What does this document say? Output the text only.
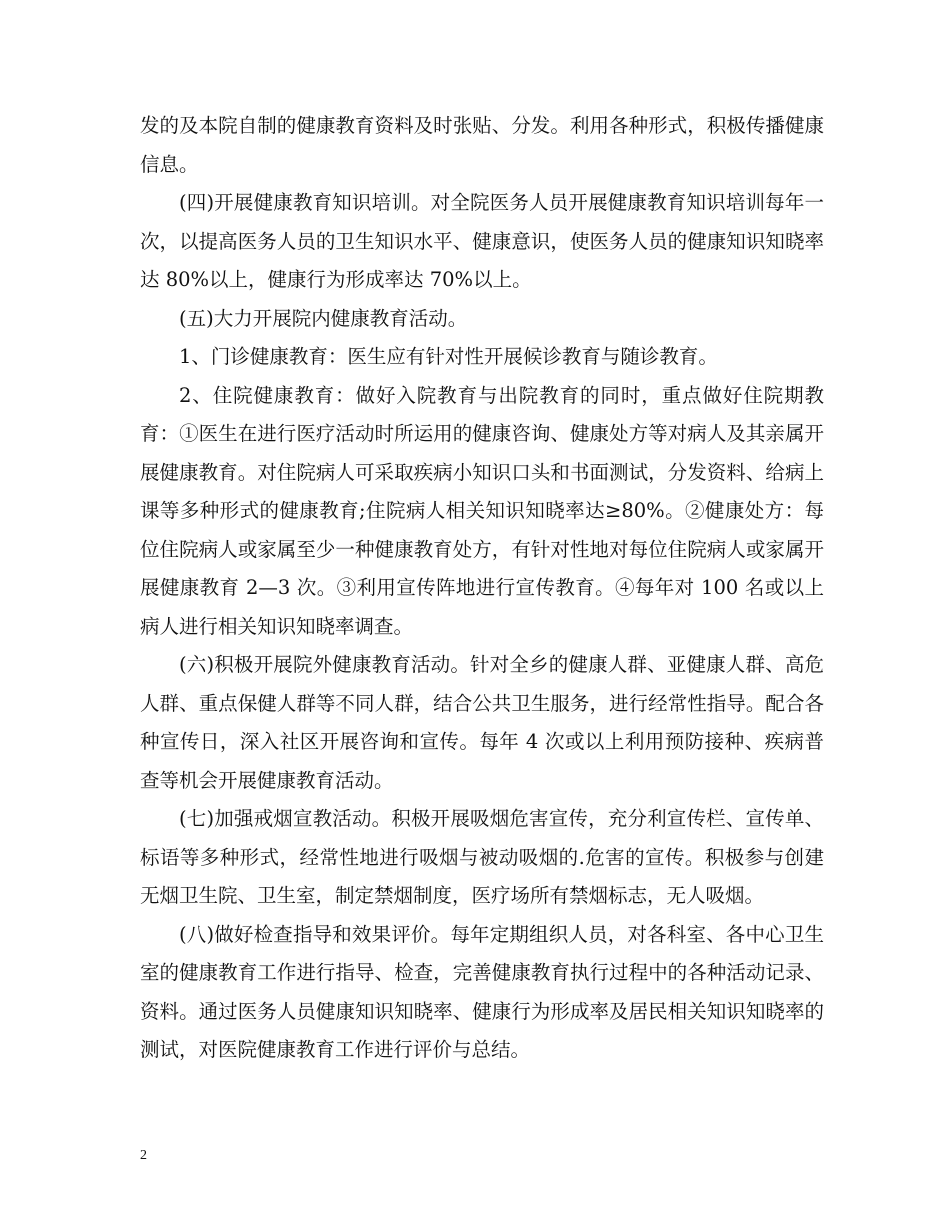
发的及本院自制的健康教育资料及时张贴、分发。利用各种形式，积极传播健康信息。

(四)开展健康教育知识培训。对全院医务人员开展健康教育知识培训每年一次，以提高医务人员的卫生知识水平、健康意识，使医务人员的健康知识知晓率达 80%以上，健康行为形成率达 70%以上。

(五)大力开展院内健康教育活动。

1、门诊健康教育：医生应有针对性开展候诊教育与随诊教育。

2、住院健康教育：做好入院教育与出院教育的同时，重点做好住院期教育：①医生在进行医疗活动时所运用的健康咨询、健康处方等对病人及其亲属开展健康教育。对住院病人可采取疾病小知识口头和书面测试，分发资料、给病上课等多种形式的健康教育;住院病人相关知识知晓率达≥80%。②健康处方：每位住院病人或家属至少一种健康教育处方，有针对性地对每位住院病人或家属开展健康教育 2—3 次。③利用宣传阵地进行宣传教育。④每年对 100 名或以上病人进行相关知识知晓率调查。

(六)积极开展院外健康教育活动。针对全乡的健康人群、亚健康人群、高危人群、重点保健人群等不同人群，结合公共卫生服务，进行经常性指导。配合各种宣传日，深入社区开展咨询和宣传。每年 4 次或以上利用预防接种、疾病普查等机会开展健康教育活动。

(七)加强戒烟宣教活动。积极开展吸烟危害宣传，充分利宣传栏、宣传单、标语等多种形式，经常性地进行吸烟与被动吸烟的.危害的宣传。积极参与创建无烟卫生院、卫生室，制定禁烟制度，医疗场所有禁烟标志，无人吸烟。

(八)做好检查指导和效果评价。每年定期组织人员，对各科室、各中心卫生室的健康教育工作进行指导、检查，完善健康教育执行过程中的各种活动记录、资料。通过医务人员健康知识知晓率、健康行为形成率及居民相关知识知晓率的测试，对医院健康教育工作进行评价与总结。

2
